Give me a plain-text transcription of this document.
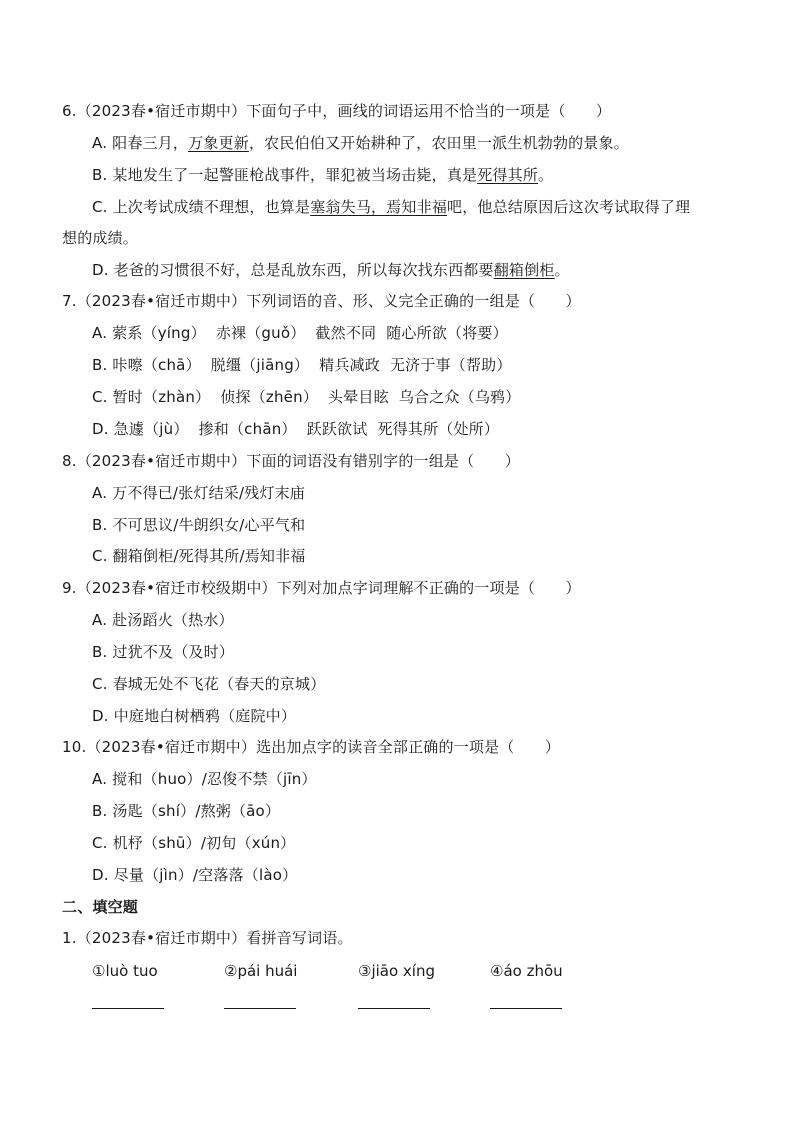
6.（2023春•宿迁市期中）下面句子中，画线的词语运用不恰当的一项是（　　）
A. 阳春三月，万象更新，农民伯伯又开始耕种了，农田里一派生机勃勃的景象。
B. 某地发生了一起警匪枪战事件，罪犯被当场击毙，真是死得其所。
C. 上次考试成绩不理想，也算是塞翁失马，焉知非福吧，他总结原因后这次考试取得了理
想的成绩。
D. 老爸的习惯很不好，总是乱放东西，所以每次找东西都要翻箱倒柜。
7.（2023春•宿迁市期中）下列词语的音、形、义完全正确的一组是（　　）
A. 萦系（yíng） 赤裸（guǒ） 截然不同 随心所欲（将要）
B. 咔嚓（chā） 脱缰（jiāng） 精兵减政 无济于事（帮助）
C. 暂时（zhàn） 侦探（zhēn） 头晕目眩 乌合之众（乌鸦）
D. 急遽（jù） 掺和（chān） 跃跃欲试 死得其所（处所）
8.（2023春•宿迁市期中）下面的词语没有错别字的一组是（　　）
A. 万不得已/张灯结采/残灯末庙
B. 不可思议/牛朗织女/心平气和
C. 翻箱倒柜/死得其所/焉知非福
9.（2023春•宿迁市校级期中）下列对加点字词理解不正确的一项是（　　）
A. 赴汤蹈火（热水）
B. 过犹不及（及时）
C. 春城无处不飞花（春天的京城）
D. 中庭地白树栖鸦（庭院中）
10.（2023春•宿迁市期中）选出加点字的读音全部正确的一项是（　　）
A. 搅和（huo）/忍俊不禁（jīn）
B. 汤匙（shí）/熬粥（āo）
C. 机杼（shū）/初旬（xún）
D. 尽量（jìn）/空落落（lào）
二、填空题
1.（2023春•宿迁市期中）看拼音写词语。
①luò tuo	②pái huái	③jiāo xíng	④áo zhōu
